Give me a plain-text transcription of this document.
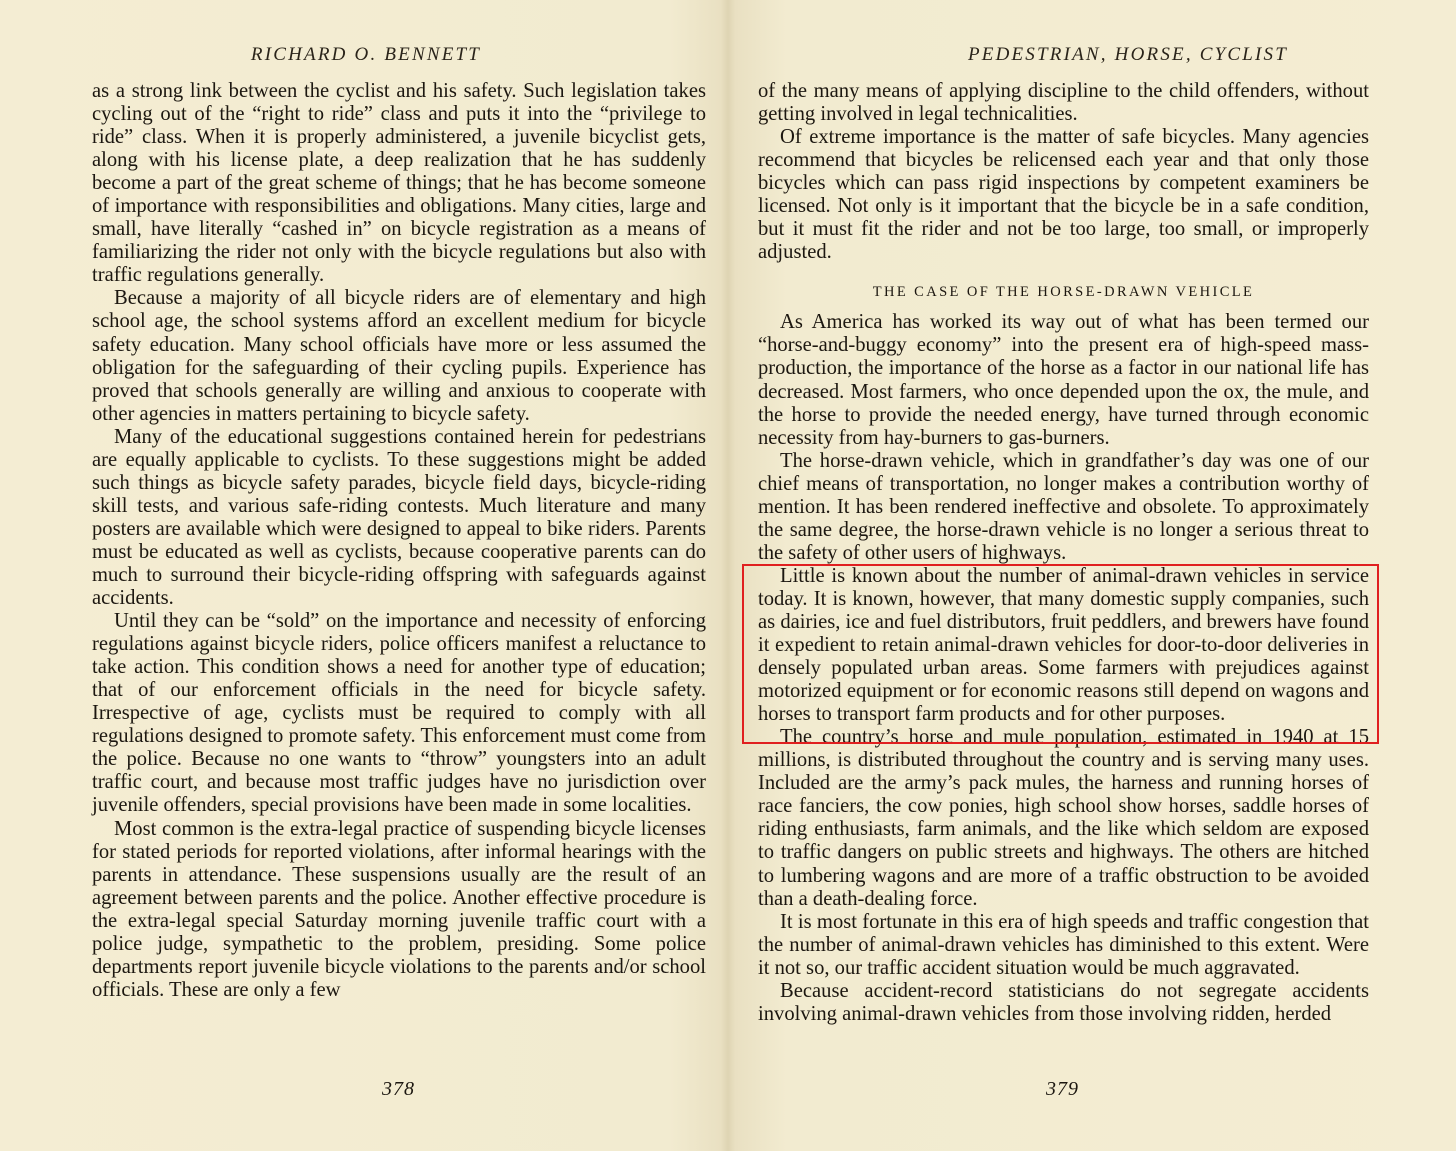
RICHARD O. BENNETT

as a strong link between the cyclist and his safety. Such legislation takes cycling out of the “right to ride” class and puts it into the “privilege to ride” class. When it is properly administered, a juvenile bicyclist gets, along with his license plate, a deep realization that he has suddenly become a part of the great scheme of things; that he has become someone of importance with responsibilities and obligations. Many cities, large and small, have literally “cashed in” on bicycle registration as a means of familiarizing the rider not only with the bicycle regulations but also with traffic regulations generally.

Because a majority of all bicycle riders are of elementary and high school age, the school systems afford an excellent medium for bicycle safety education. Many school officials have more or less assumed the obligation for the safeguarding of their cycling pupils. Experience has proved that schools generally are willing and anxious to cooperate with other agencies in matters pertaining to bicycle safety.

Many of the educational suggestions contained herein for pedestrians are equally applicable to cyclists. To these suggestions might be added such things as bicycle safety parades, bicycle field days, bicycle-riding skill tests, and various safe-riding contests. Much literature and many posters are available which were designed to appeal to bike riders. Parents must be educated as well as cyclists, because cooperative parents can do much to surround their bicycle-riding offspring with safeguards against accidents.

Until they can be “sold” on the importance and necessity of enforcing regulations against bicycle riders, police officers manifest a reluctance to take action. This condition shows a need for another type of education; that of our enforcement officials in the need for bicycle safety. Irrespective of age, cyclists must be required to comply with all regulations designed to promote safety. This enforcement must come from the police. Because no one wants to “throw” youngsters into an adult traffic court, and because most traffic judges have no jurisdiction over juvenile offenders, special provisions have been made in some localities.

Most common is the extra-legal practice of suspending bicycle licenses for stated periods for reported violations, after informal hearings with the parents in attendance. These suspensions usually are the result of an agreement between parents and the police. Another effective procedure is the extra-legal special Saturday morning juvenile traffic court with a police judge, sympathetic to the problem, presiding. Some police departments report juvenile bicycle violations to the parents and/or school officials. These are only a few

378
PEDESTRIAN, HORSE, CYCLIST

of the many means of applying discipline to the child offenders, without getting involved in legal technicalities.

Of extreme importance is the matter of safe bicycles. Many agencies recommend that bicycles be relicensed each year and that only those bicycles which can pass rigid inspections by competent examiners be licensed. Not only is it important that the bicycle be in a safe condition, but it must fit the rider and not be too large, too small, or improperly adjusted.

THE CASE OF THE HORSE-DRAWN VEHICLE

As America has worked its way out of what has been termed our “horse-and-buggy economy” into the present era of high-speed mass-production, the importance of the horse as a factor in our national life has decreased. Most farmers, who once depended upon the ox, the mule, and the horse to provide the needed energy, have turned through economic necessity from hay-burners to gas-burners.

The horse-drawn vehicle, which in grandfather’s day was one of our chief means of transportation, no longer makes a contribution worthy of mention. It has been rendered ineffective and obsolete. To approximately the same degree, the horse-drawn vehicle is no longer a serious threat to the safety of other users of highways.

Little is known about the number of animal-drawn vehicles in service today. It is known, however, that many domestic supply companies, such as dairies, ice and fuel distributors, fruit peddlers, and brewers have found it expedient to retain animal-drawn vehicles for door-to-door deliveries in densely populated urban areas. Some farmers with prejudices against motorized equipment or for economic reasons still depend on wagons and horses to transport farm products and for other purposes.

The country’s horse and mule population, estimated in 1940 at 15 millions, is distributed throughout the country and is serving many uses. Included are the army’s pack mules, the harness and running horses of race fanciers, the cow ponies, high school show horses, saddle horses of riding enthusiasts, farm animals, and the like which seldom are exposed to traffic dangers on public streets and highways. The others are hitched to lumbering wagons and are more of a traffic obstruction to be avoided than a death-dealing force.

It is most fortunate in this era of high speeds and traffic congestion that the number of animal-drawn vehicles has diminished to this extent. Were it not so, our traffic accident situation would be much aggravated.

Because accident-record statisticians do not segregate accidents involving animal-drawn vehicles from those involving ridden, herded

379
